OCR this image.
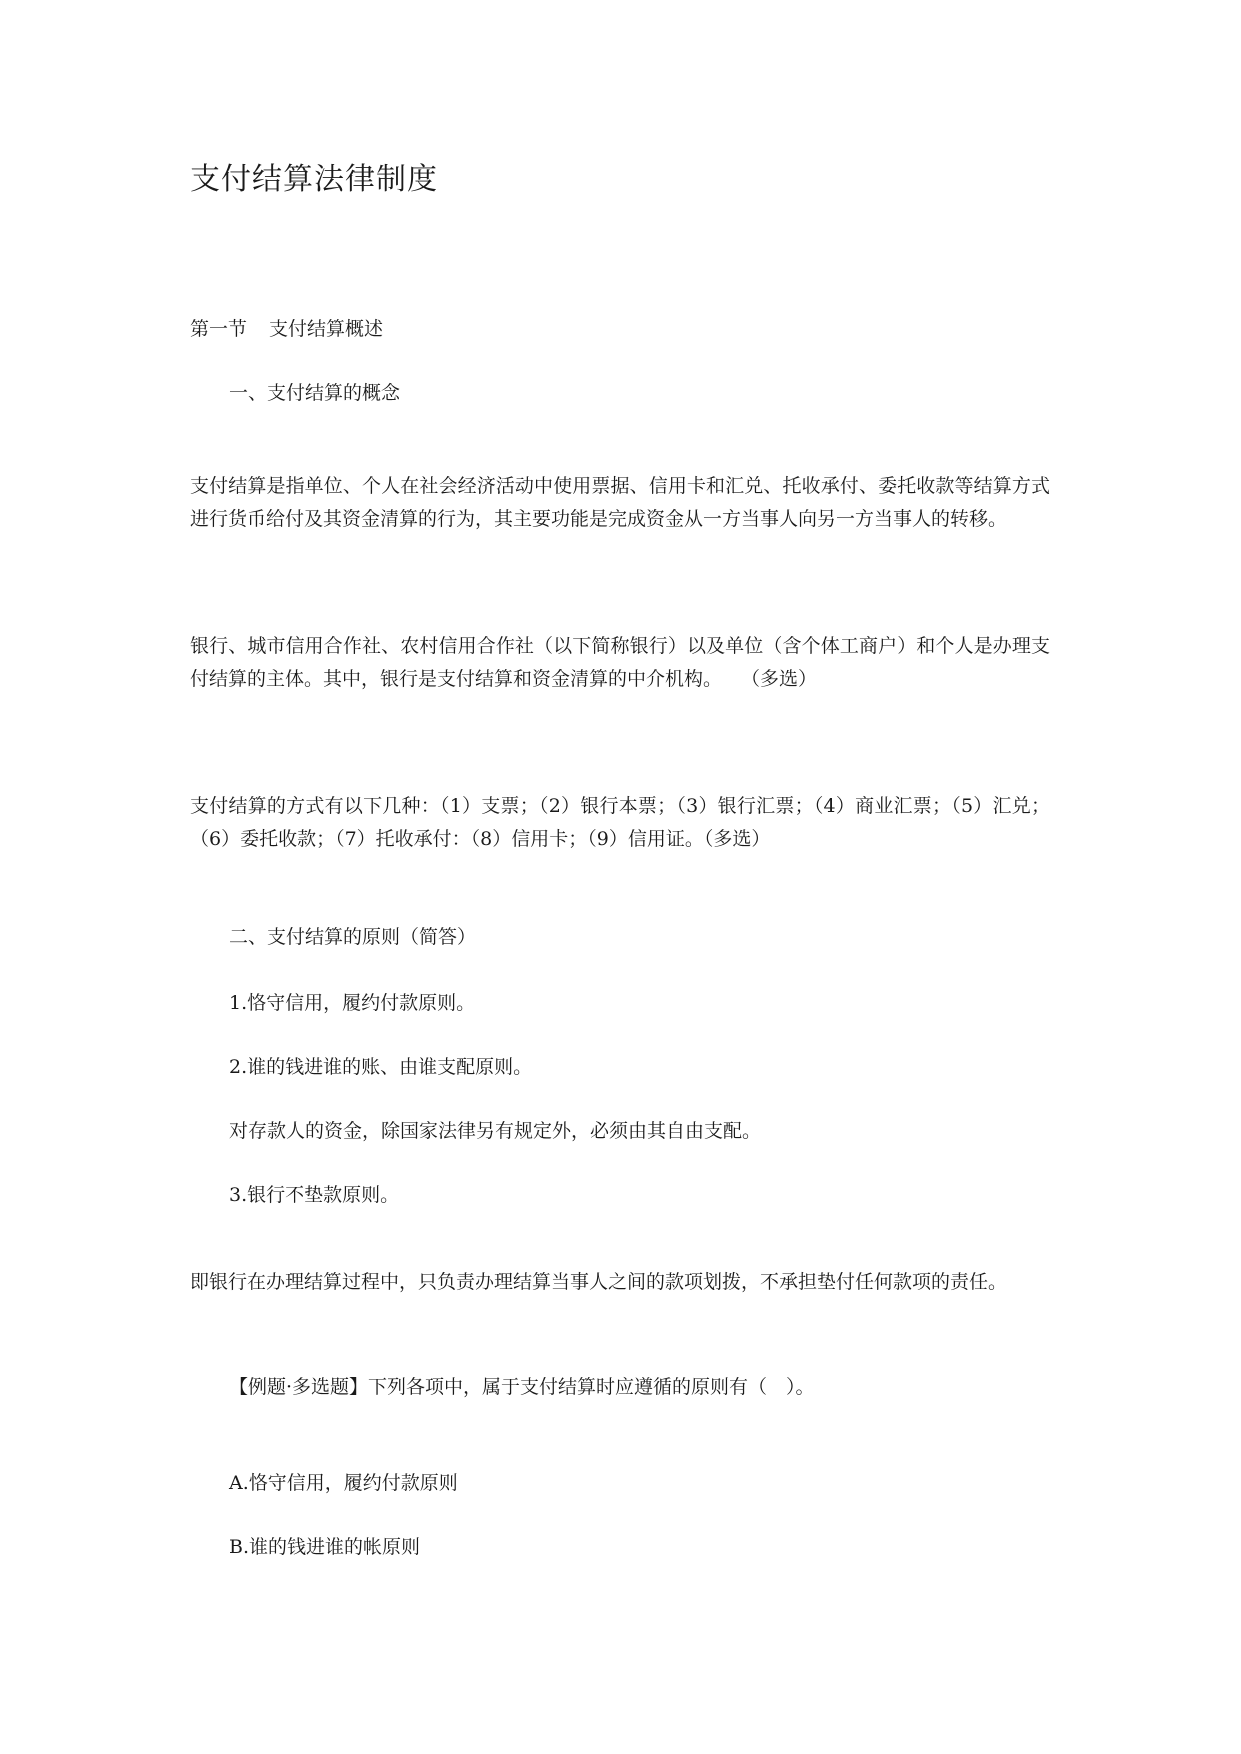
支付结算法律制度
第一节 支付结算概述
一、支付结算的概念
支付结算是指单位、个人在社会经济活动中使用票据、信用卡和汇兑、托收承付、委托收款等结算方式进行货币给付及其资金清算的行为，其主要功能是完成资金从一方当事人向另一方当事人的转移。
银行、城市信用合作社、农村信用合作社（以下简称银行）以及单位（含个体工商户）和个人是办理支付结算的主体。其中，银行是支付结算和资金清算的中介机构。　　（多选）
支付结算的方式有以下几种：（1）支票；（2）银行本票；（3）银行汇票；（4）商业汇票；（5）汇兑；（6）委托收款；（7）托收承付：（8）信用卡；（9）信用证。（多选）
二、支付结算的原则（简答）
1.恪守信用，履约付款原则。
2.谁的钱进谁的账、由谁支配原则。
对存款人的资金，除国家法律另有规定外，必须由其自由支配。
3.银行不垫款原则。
即银行在办理结算过程中，只负责办理结算当事人之间的款项划拨，不承担垫付任何款项的责任。
【例题·多选题】下列各项中，属于支付结算时应遵循的原则有（　）。
A.恪守信用，履约付款原则
B.谁的钱进谁的帐原则
